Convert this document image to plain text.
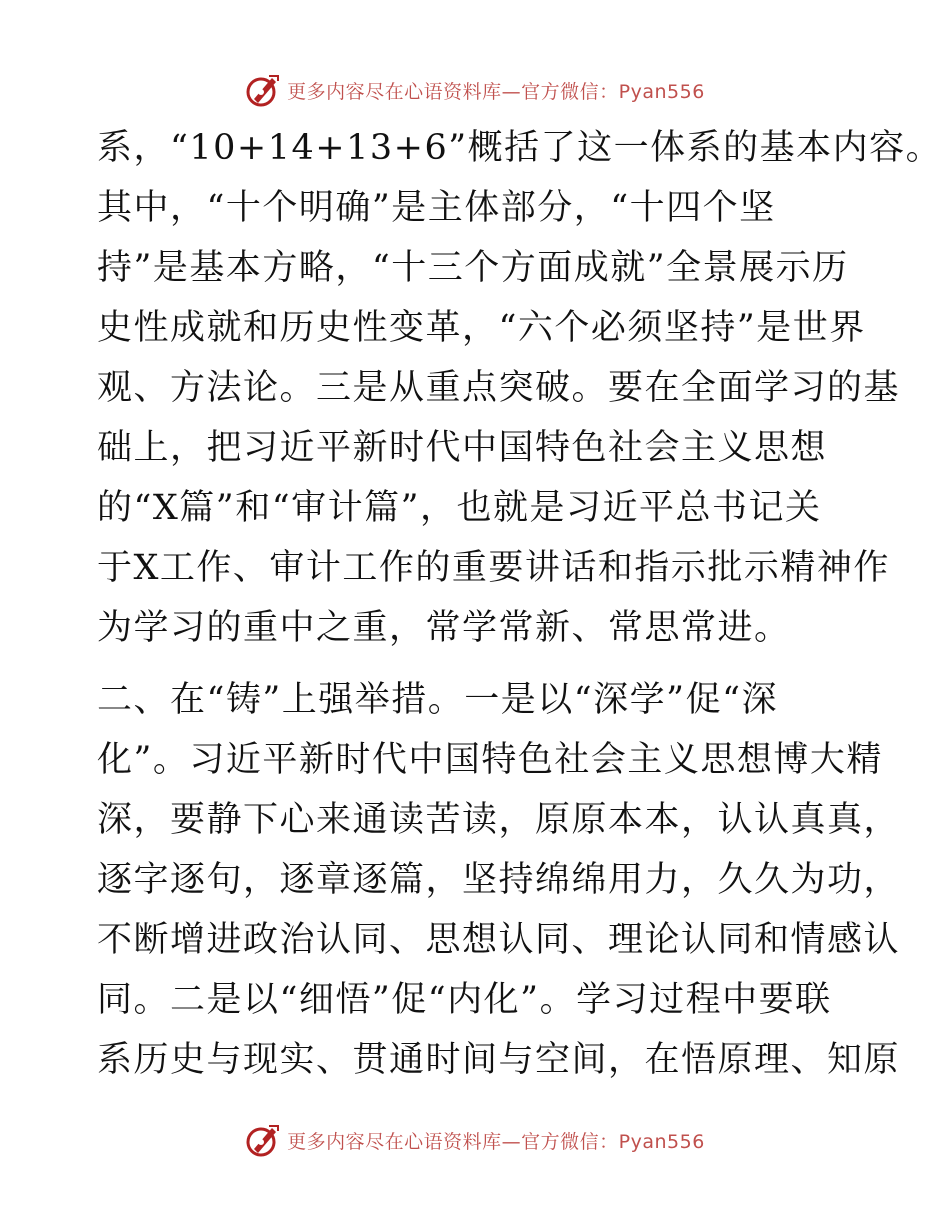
更多内容尽在心语资料库—官方微信：Pyan556
系，“10+14+13+6”概括了这一体系的基本内容。
其中，“十个明确”是主体部分，“十四个坚
持”是基本方略，“十三个方面成就”全景展示历
史性成就和历史性变革，“六个必须坚持”是世界
观、方法论。三是从重点突破。要在全面学习的基
础上，把习近平新时代中国特色社会主义思想
的“X篇”和“审计篇”，也就是习近平总书记关
于X工作、审计工作的重要讲话和指示批示精神作
为学习的重中之重，常学常新、常思常进。
二、在“铸”上强举措。一是以“深学”促“深
化”。习近平新时代中国特色社会主义思想博大精
深，要静下心来通读苦读，原原本本，认认真真，
逐字逐句，逐章逐篇，坚持绵绵用力，久久为功，
不断增进政治认同、思想认同、理论认同和情感认
同。二是以“细悟”促“内化”。学习过程中要联
系历史与现实、贯通时间与空间，在悟原理、知原
更多内容尽在心语资料库—官方微信：Pyan556
